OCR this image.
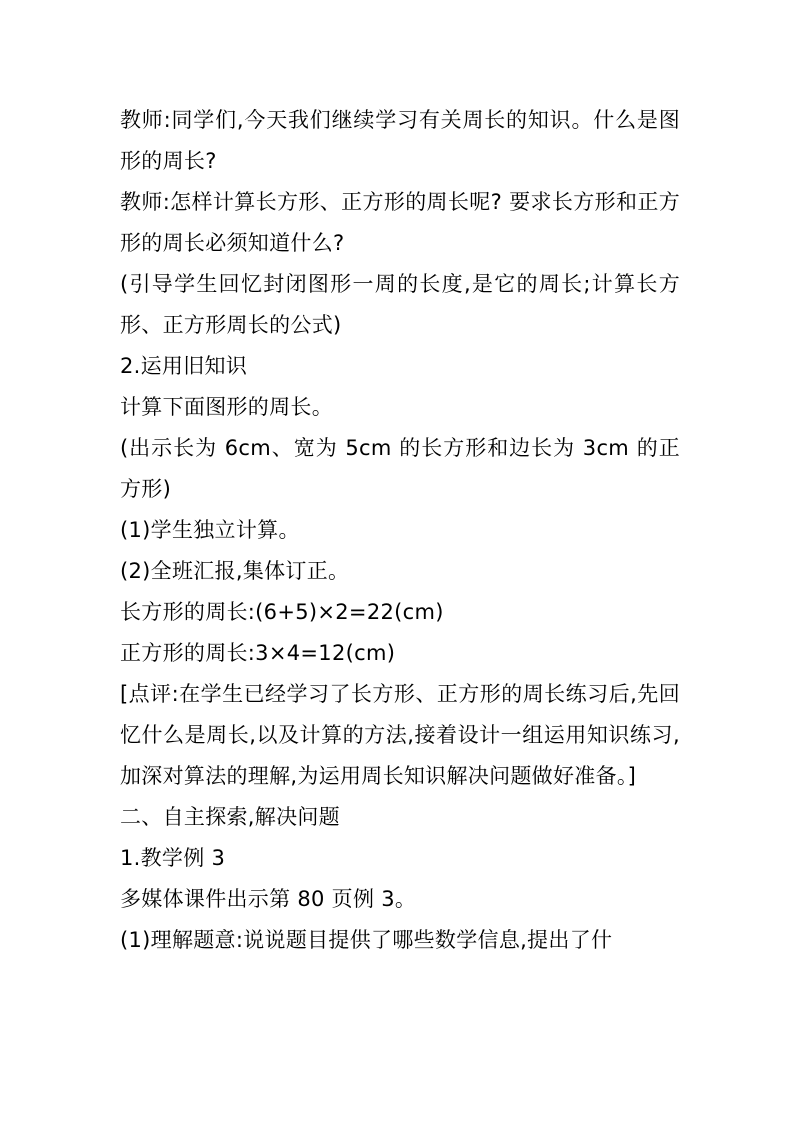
教师:同学们,今天我们继续学习有关周长的知识。什么是图形的周长?

教师:怎样计算长方形、正方形的周长呢? 要求长方形和正方形的周长必须知道什么?

(引导学生回忆封闭图形一周的长度,是它的周长;计算长方形、正方形周长的公式)

2.运用旧知识

计算下面图形的周长。

(出示长为 6cm、宽为 5cm 的长方形和边长为 3cm 的正方形)

(1)学生独立计算。

(2)全班汇报,集体订正。

长方形的周长:(6+5)×2=22(cm)

正方形的周长:3×4=12(cm)

[点评:在学生已经学习了长方形、正方形的周长练习后,先回忆什么是周长,以及计算的方法,接着设计一组运用知识练习,加深对算法的理解,为运用周长知识解决问题做好准备。]

二、自主探索,解决问题

1.教学例 3

多媒体课件出示第 80 页例 3。

(1)理解题意:说说题目提供了哪些数学信息,提出了什
